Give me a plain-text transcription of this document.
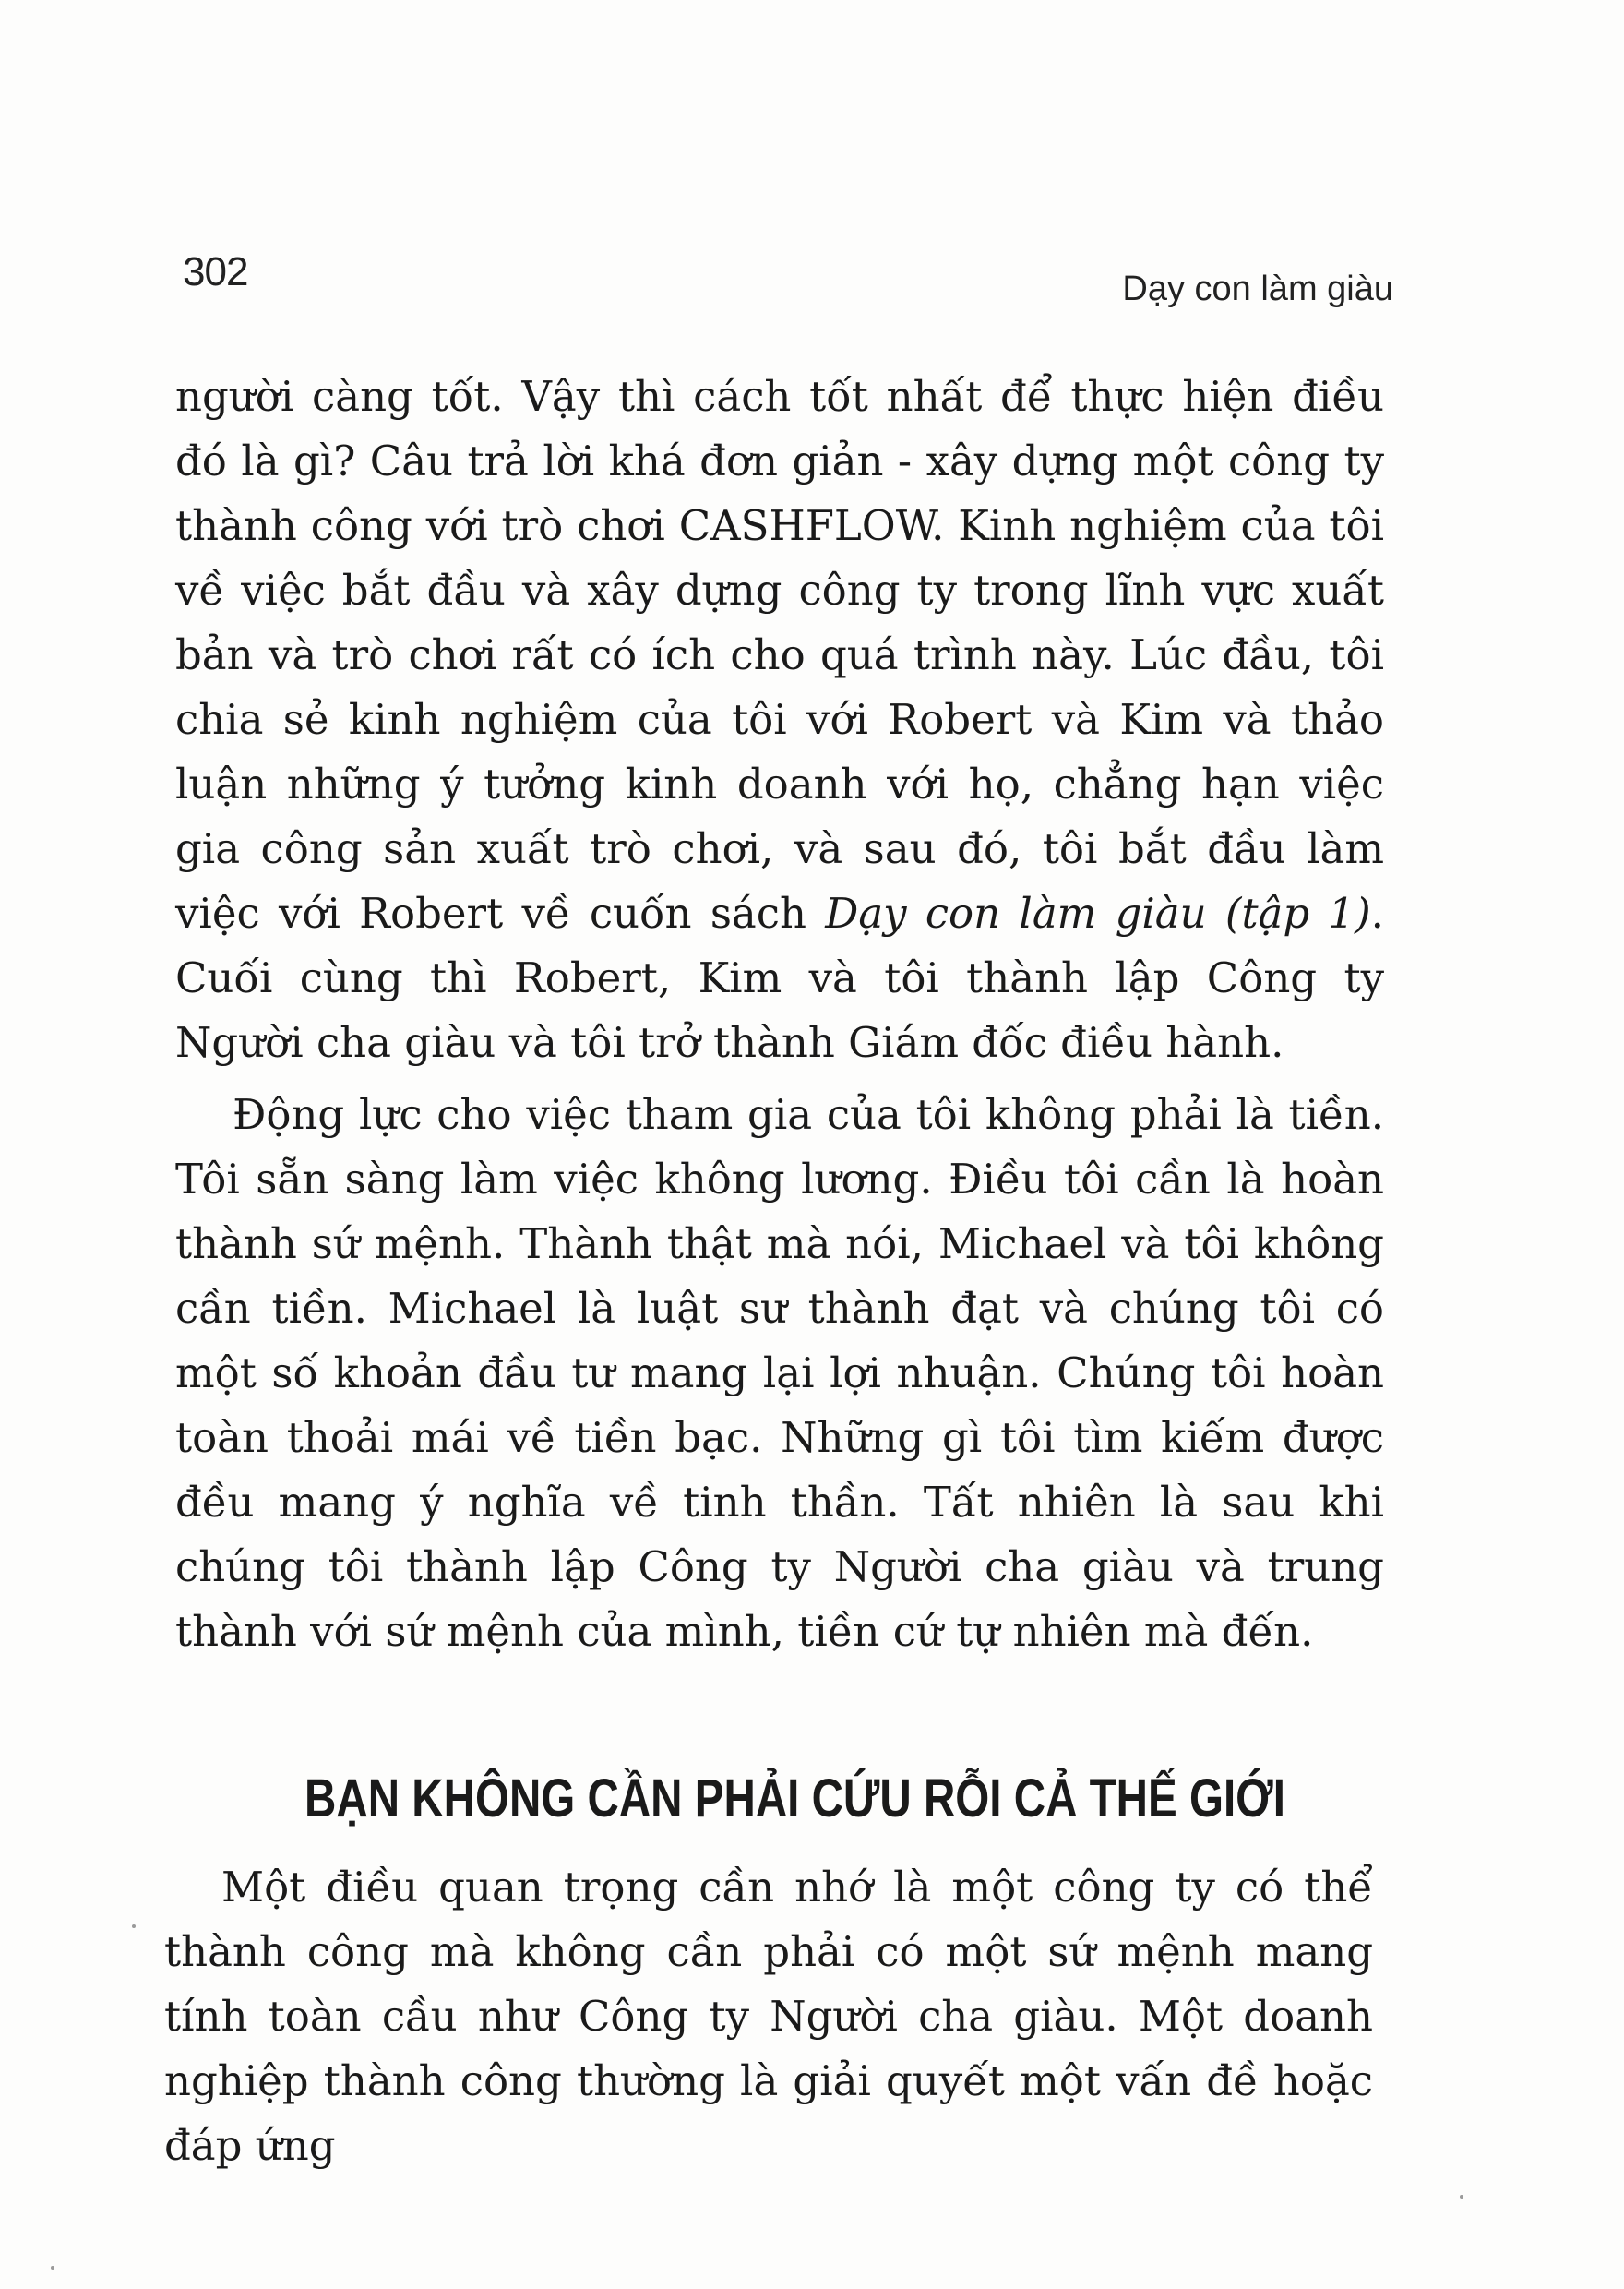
302	Dạy con làm giàu

người càng tốt. Vậy thì cách tốt nhất để thực hiện điều đó là gì? Câu trả lời khá đơn giản - xây dựng một công ty thành công với trò chơi CASHFLOW. Kinh nghiệm của tôi về việc bắt đầu và xây dựng công ty trong lĩnh vực xuất bản và trò chơi rất có ích cho quá trình này. Lúc đầu, tôi chia sẻ kinh nghiệm của tôi với Robert và Kim và thảo luận những ý tưởng kinh doanh với họ, chẳng hạn việc gia công sản xuất trò chơi, và sau đó, tôi bắt đầu làm việc với Robert về cuốn sách Dạy con làm giàu (tập 1). Cuối cùng thì Robert, Kim và tôi thành lập Công ty Người cha giàu và tôi trở thành Giám đốc điều hành.

Động lực cho việc tham gia của tôi không phải là tiền. Tôi sẵn sàng làm việc không lương. Điều tôi cần là hoàn thành sứ mệnh. Thành thật mà nói, Michael và tôi không cần tiền. Michael là luật sư thành đạt và chúng tôi có một số khoản đầu tư mang lại lợi nhuận. Chúng tôi hoàn toàn thoải mái về tiền bạc. Những gì tôi tìm kiếm được đều mang ý nghĩa về tinh thần. Tất nhiên là sau khi chúng tôi thành lập Công ty Người cha giàu và trung thành với sứ mệnh của mình, tiền cứ tự nhiên mà đến.

BẠN KHÔNG CẦN PHẢI CỨU RỖI CẢ THẾ GIỚI

Một điều quan trọng cần nhớ là một công ty có thể thành công mà không cần phải có một sứ mệnh mang tính toàn cầu như Công ty Người cha giàu. Một doanh nghiệp thành công thường là giải quyết một vấn đề hoặc đáp ứng
